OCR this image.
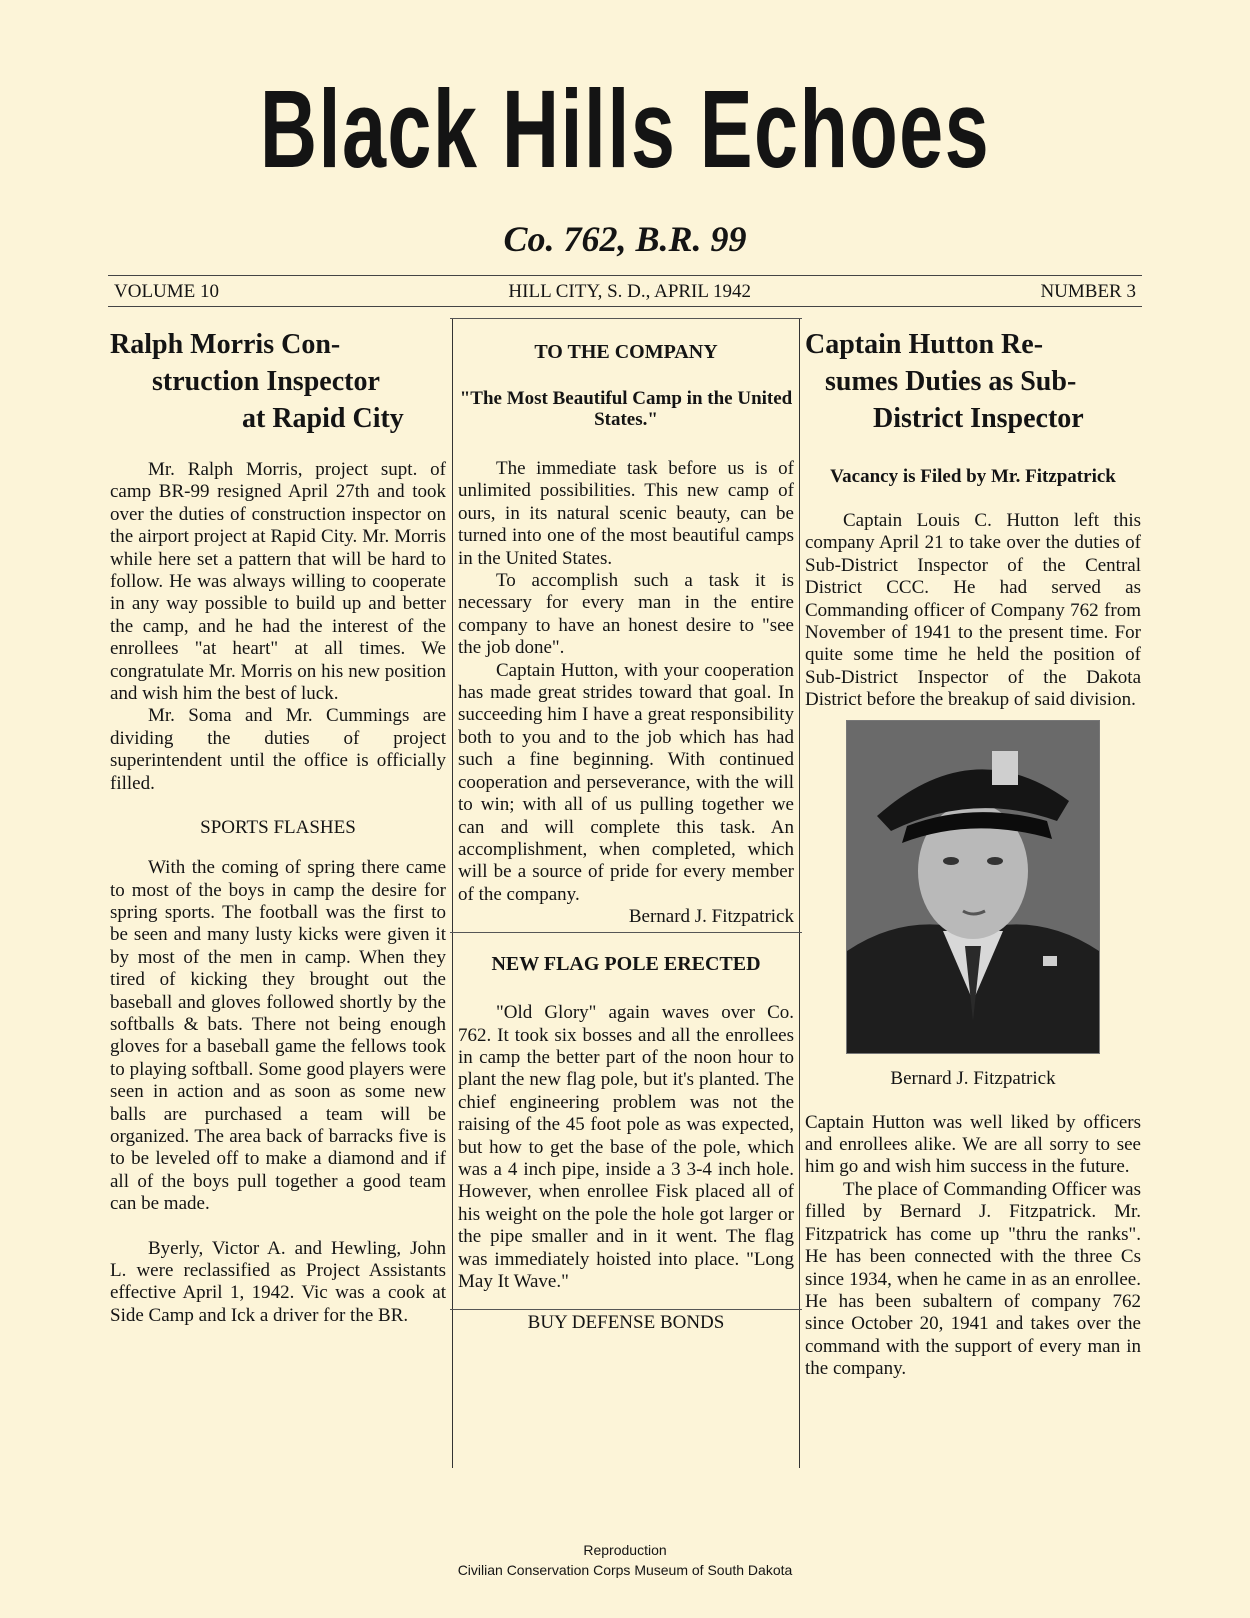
Black Hills Echoes
Co. 762, B.R. 99
VOLUME 10	HILL CITY, S. D., APRIL 1942	NUMBER 3
Ralph Morris Con-
struction Inspector
at Rapid City

Mr. Ralph Morris, project supt. of camp BR-99 resigned April 27th and took over the duties of construction inspector on the airport project at Rapid City. Mr. Morris while here set a pattern that will be hard to follow. He was always willing to cooperate in any way possible to build up and better the camp, and he had the interest of the enrollees "at heart" at all times. We congratulate Mr. Morris on his new position and wish him the best of luck.

Mr. Soma and Mr. Cummings are dividing the duties of project superintendent until the office is officially filled.

SPORTS FLASHES

With the coming of spring there came to most of the boys in camp the desire for spring sports. The football was the first to be seen and many lusty kicks were given it by most of the men in camp. When they tired of kicking they brought out the baseball and gloves followed shortly by the softballs & bats. There not being enough gloves for a baseball game the fellows took to playing softball. Some good players were seen in action and as soon as some new balls are purchased a team will be organized. The area back of barracks five is to be leveled off to make a diamond and if all of the boys pull together a good team can be made.

Byerly, Victor A. and Hewling, John L. were reclassified as Project Assistants effective April 1, 1942. Vic was a cook at Side Camp and Ick a driver for the BR.

TO THE COMPANY
"The Most Beautiful Camp in the United States."

The immediate task before us is of unlimited possibilities. This new camp of ours, in its natural scenic beauty, can be turned into one of the most beautiful camps in the United States.

To accomplish such a task it is necessary for every man in the entire company to have an honest desire to "see the job done".

Captain Hutton, with your cooperation has made great strides toward that goal. In succeeding him I have a great responsibility both to you and to the job which has had such a fine beginning. With continued cooperation and perseverance, with the will to win; with all of us pulling together we can and will complete this task. An accomplishment, when completed, which will be a source of pride for every member of the company.

Bernard J. Fitzpatrick
NEW FLAG POLE ERECTED

"Old Glory" again waves over Co. 762. It took six bosses and all the enrollees in camp the better part of the noon hour to plant the new flag pole, but it's planted. The chief engineering problem was not the raising of the 45 foot pole as was expected, but how to get the base of the pole, which was a 4 inch pipe, inside a 3 3-4 inch hole. However, when enrollee Fisk placed all of his weight on the pole the hole got larger or the pipe smaller and in it went. The flag was immediately hoisted into place. "Long May It Wave."

BUY DEFENSE BONDS
Captain Hutton Re-
sumes Duties as Sub-
District Inspector
Vacancy is Filed by Mr. Fitzpatrick

Captain Louis C. Hutton left this company April 21 to take over the duties of Sub-District Inspector of the Central District CCC. He had served as Commanding officer of Company 762 from November of 1941 to the present time. For quite some time he held the position of Sub-District Inspector of the Dakota District before the breakup of said division.

Bernard J. Fitzpatrick

Captain Hutton was well liked by officers and enrollees alike. We are all sorry to see him go and wish him success in the future.

The place of Commanding Officer was filled by Bernard J. Fitzpatrick. Mr. Fitzpatrick has come up "thru the ranks". He has been connected with the three Cs since 1934, when he came in as an enrollee. He has been subaltern of company 762 since October 20, 1941 and takes over the command with the support of every man in the company.

Reproduction
Civilian Conservation Corps Museum of South Dakota
